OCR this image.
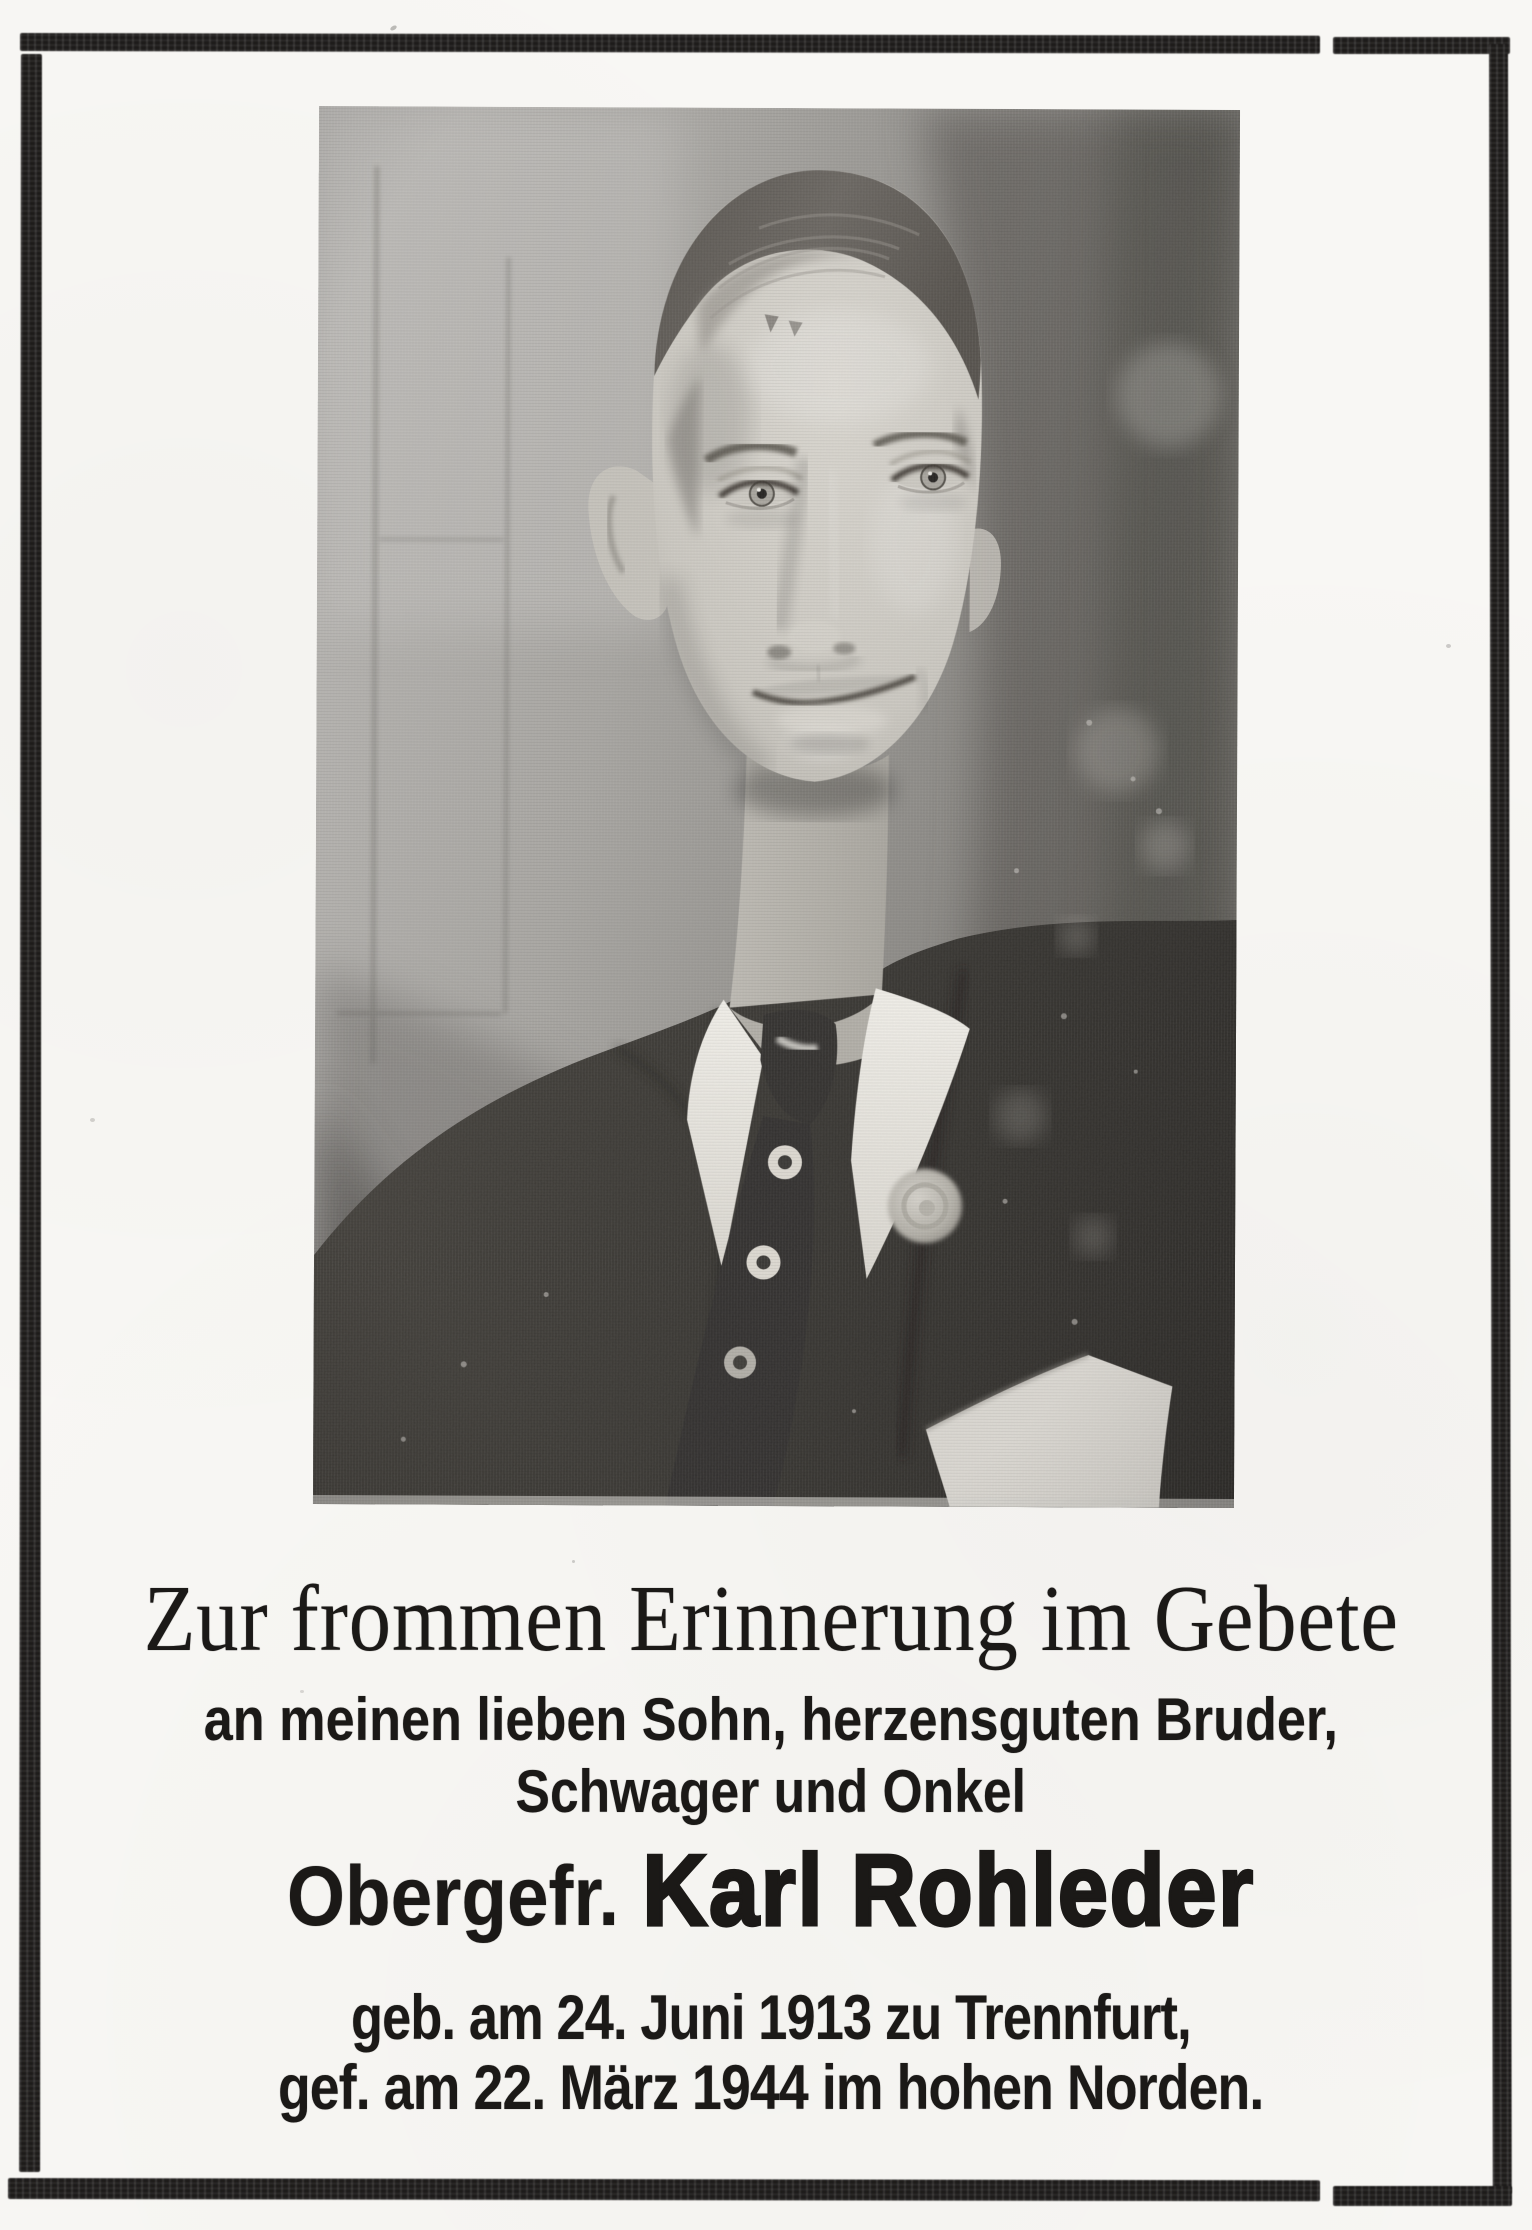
Zur frommen Erinnerung im Gebete
an meinen lieben Sohn, herzensguten Bruder,
Schwager und Onkel
Obergefr. Karl Rohleder
geb. am 24. Juni 1913 zu Trennfurt,
gef. am 22. März 1944 im hohen Norden.
